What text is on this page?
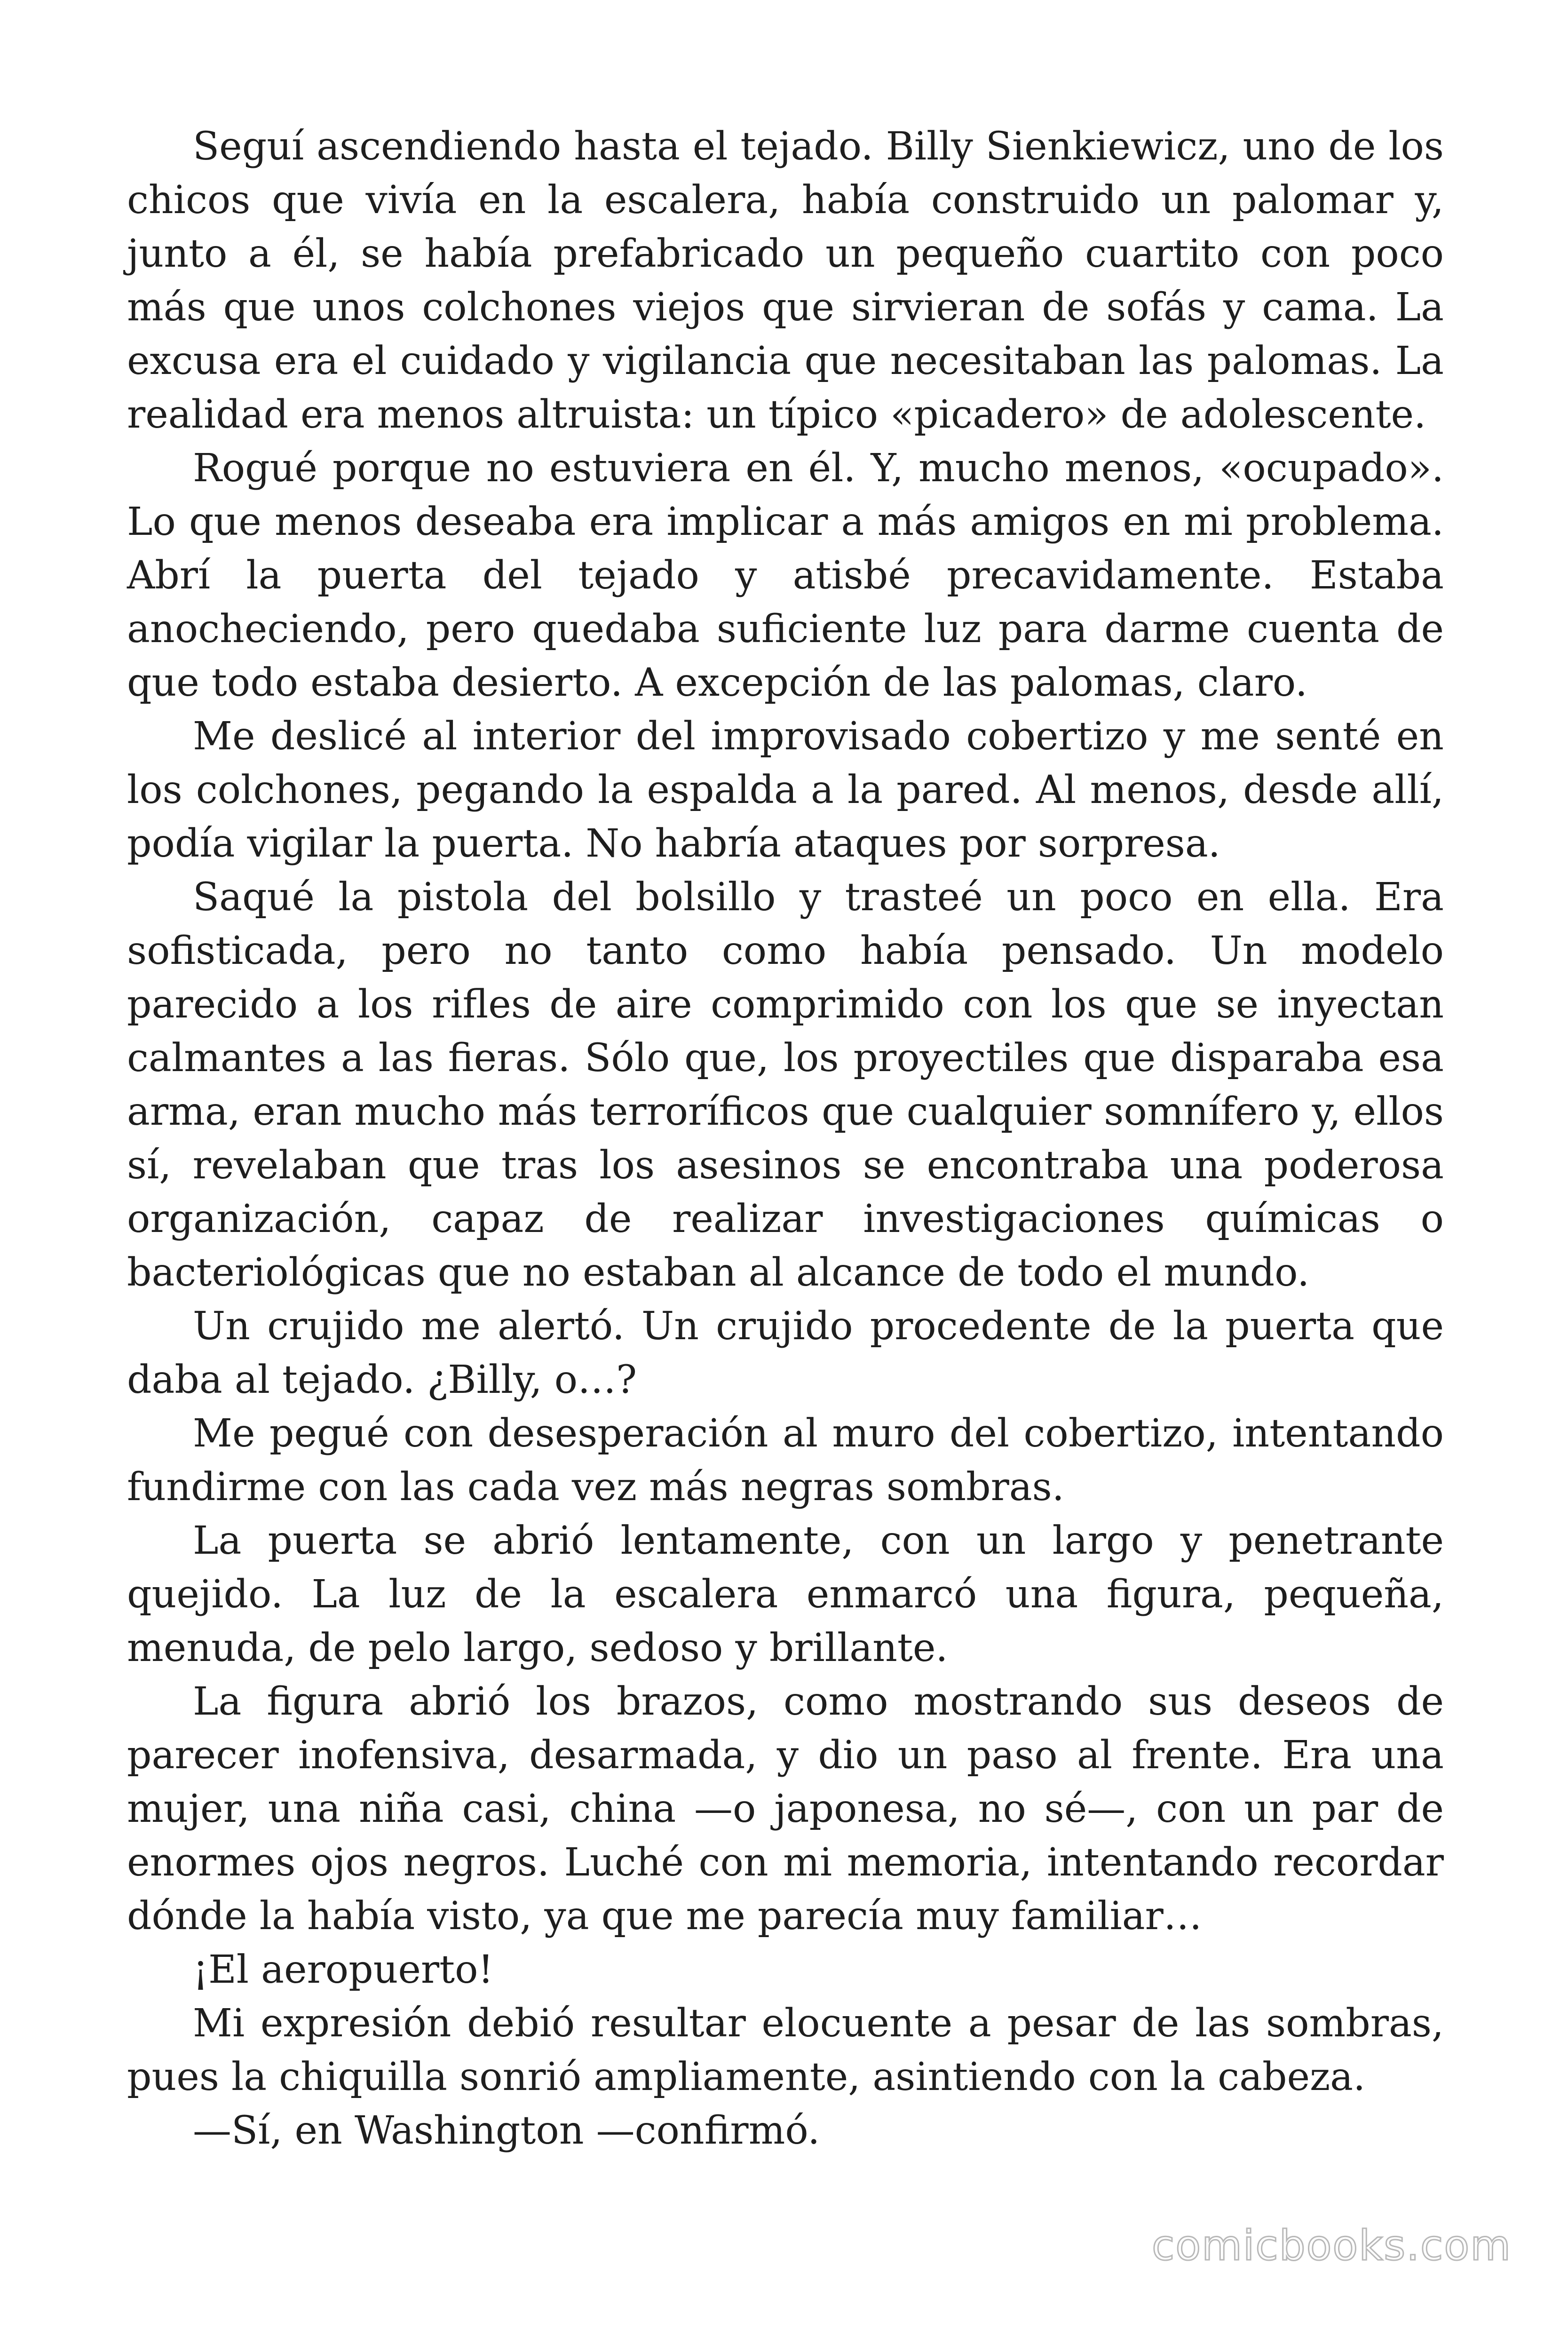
Seguí ascendiendo hasta el tejado. Billy Sienkiewicz, uno de los chicos que vivía en la escalera, había construido un palomar y, junto a él, se había prefabricado un pequeño cuartito con poco más que unos colchones viejos que sirvieran de sofás y cama. La excusa era el cuidado y vigilancia que necesitaban las palomas. La realidad era menos altruista: un típico «picadero» de adolescente.

Rogué porque no estuviera en él. Y, mucho menos, «ocupado». Lo que menos deseaba era implicar a más amigos en mi problema. Abrí la puerta del tejado y atisbé precavidamente. Estaba anocheciendo, pero quedaba suficiente luz para darme cuenta de que todo estaba desierto. A excepción de las palomas, claro.

Me deslicé al interior del improvisado cobertizo y me senté en los colchones, pegando la espalda a la pared. Al menos, desde allí, podía vigilar la puerta. No habría ataques por sorpresa.

Saqué la pistola del bolsillo y trasteé un poco en ella. Era sofisticada, pero no tanto como había pensado. Un modelo parecido a los rifles de aire comprimido con los que se inyectan calmantes a las fieras. Sólo que, los proyectiles que disparaba esa arma, eran mucho más terroríficos que cualquier somnífero y, ellos sí, revelaban que tras los asesinos se encontraba una poderosa organización, capaz de realizar investigaciones químicas o bacteriológicas que no estaban al alcance de todo el mundo.

Un crujido me alertó. Un crujido procedente de la puerta que daba al tejado. ¿Billy, o…?

Me pegué con desesperación al muro del cobertizo, intentando fundirme con las cada vez más negras sombras.

La puerta se abrió lentamente, con un largo y penetrante quejido. La luz de la escalera enmarcó una figura, pequeña, menuda, de pelo largo, sedoso y brillante.

La figura abrió los brazos, como mostrando sus deseos de parecer inofensiva, desarmada, y dio un paso al frente. Era una mujer, una niña casi, china —o japonesa, no sé—, con un par de enormes ojos negros. Luché con mi memoria, intentando recordar dónde la había visto, ya que me parecía muy familiar…

¡El aeropuerto!

Mi expresión debió resultar elocuente a pesar de las sombras, pues la chiquilla sonrió ampliamente, asintiendo con la cabeza.

—Sí, en Washington —confirmó.

comicbooks.com
